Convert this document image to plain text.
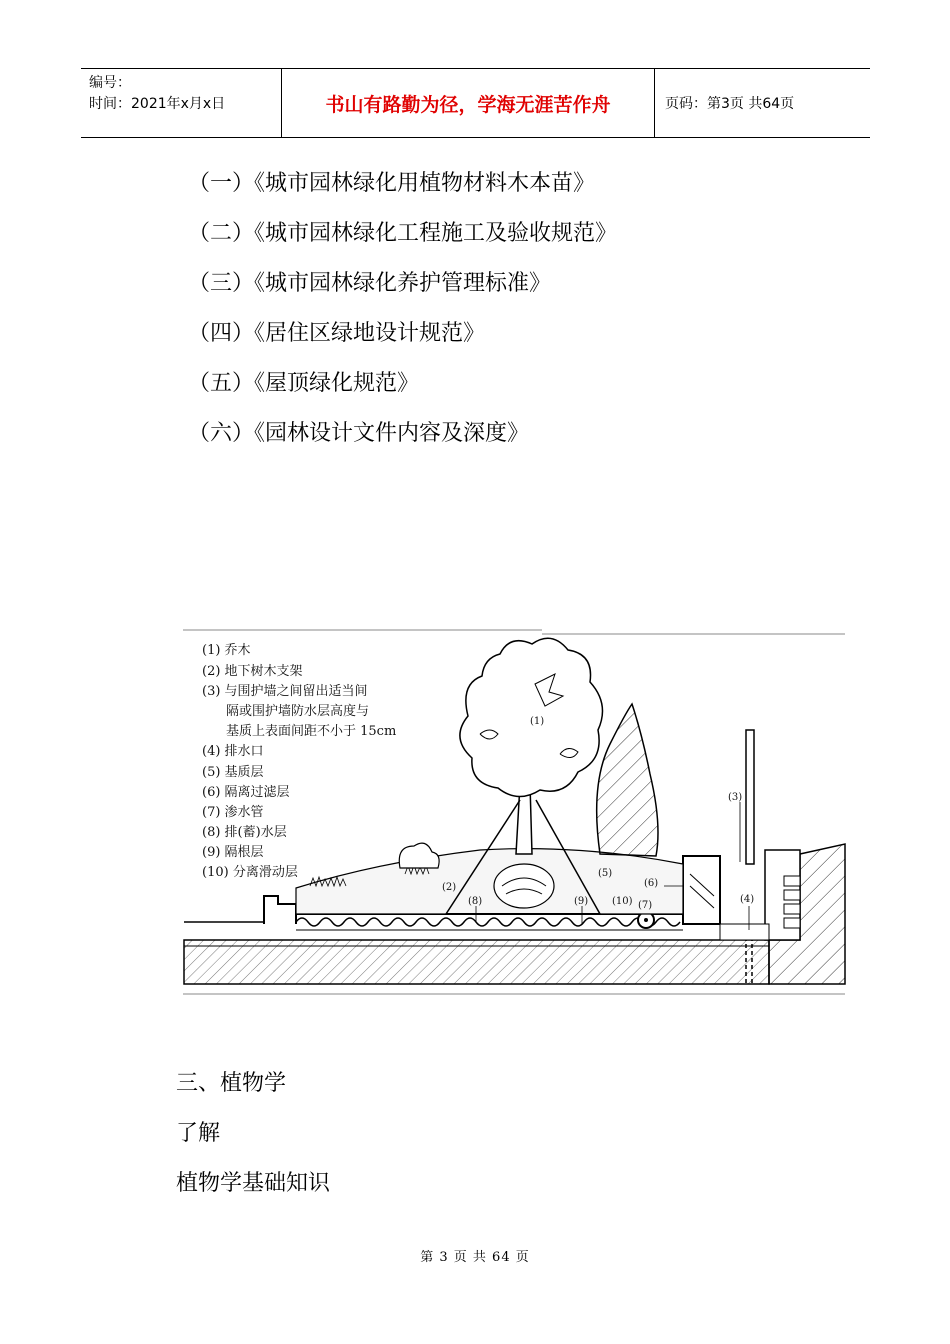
编号：
时间：2021年x月x日	书山有路勤为径，学海无涯苦作舟	页码：第3页 共64页
（一）《城市园林绿化用植物材料木本苗》
（二）《城市园林绿化工程施工及验收规范》
（三）《城市园林绿化养护管理标准》
（四）《居住区绿地设计规范》
（五）《屋顶绿化规范》
（六）《园林设计文件内容及深度》
(1) 乔木
(2) 地下树木支架
(3) 与围护墙之间留出适当间
隔或围护墙防水层高度与
基质上表面间距不小于 15cm
(4) 排水口
(5) 基质层
(6) 隔离过滤层
(7) 渗水管
(8) 排(蓄)水层
(9) 隔根层
(10) 分离滑动层
(1)
(2)
(3)
(4)
(5)
(6)
(7)
(8)	(9) (10)
三、植物学
了解
植物学基础知识
第 3 页 共 64 页
